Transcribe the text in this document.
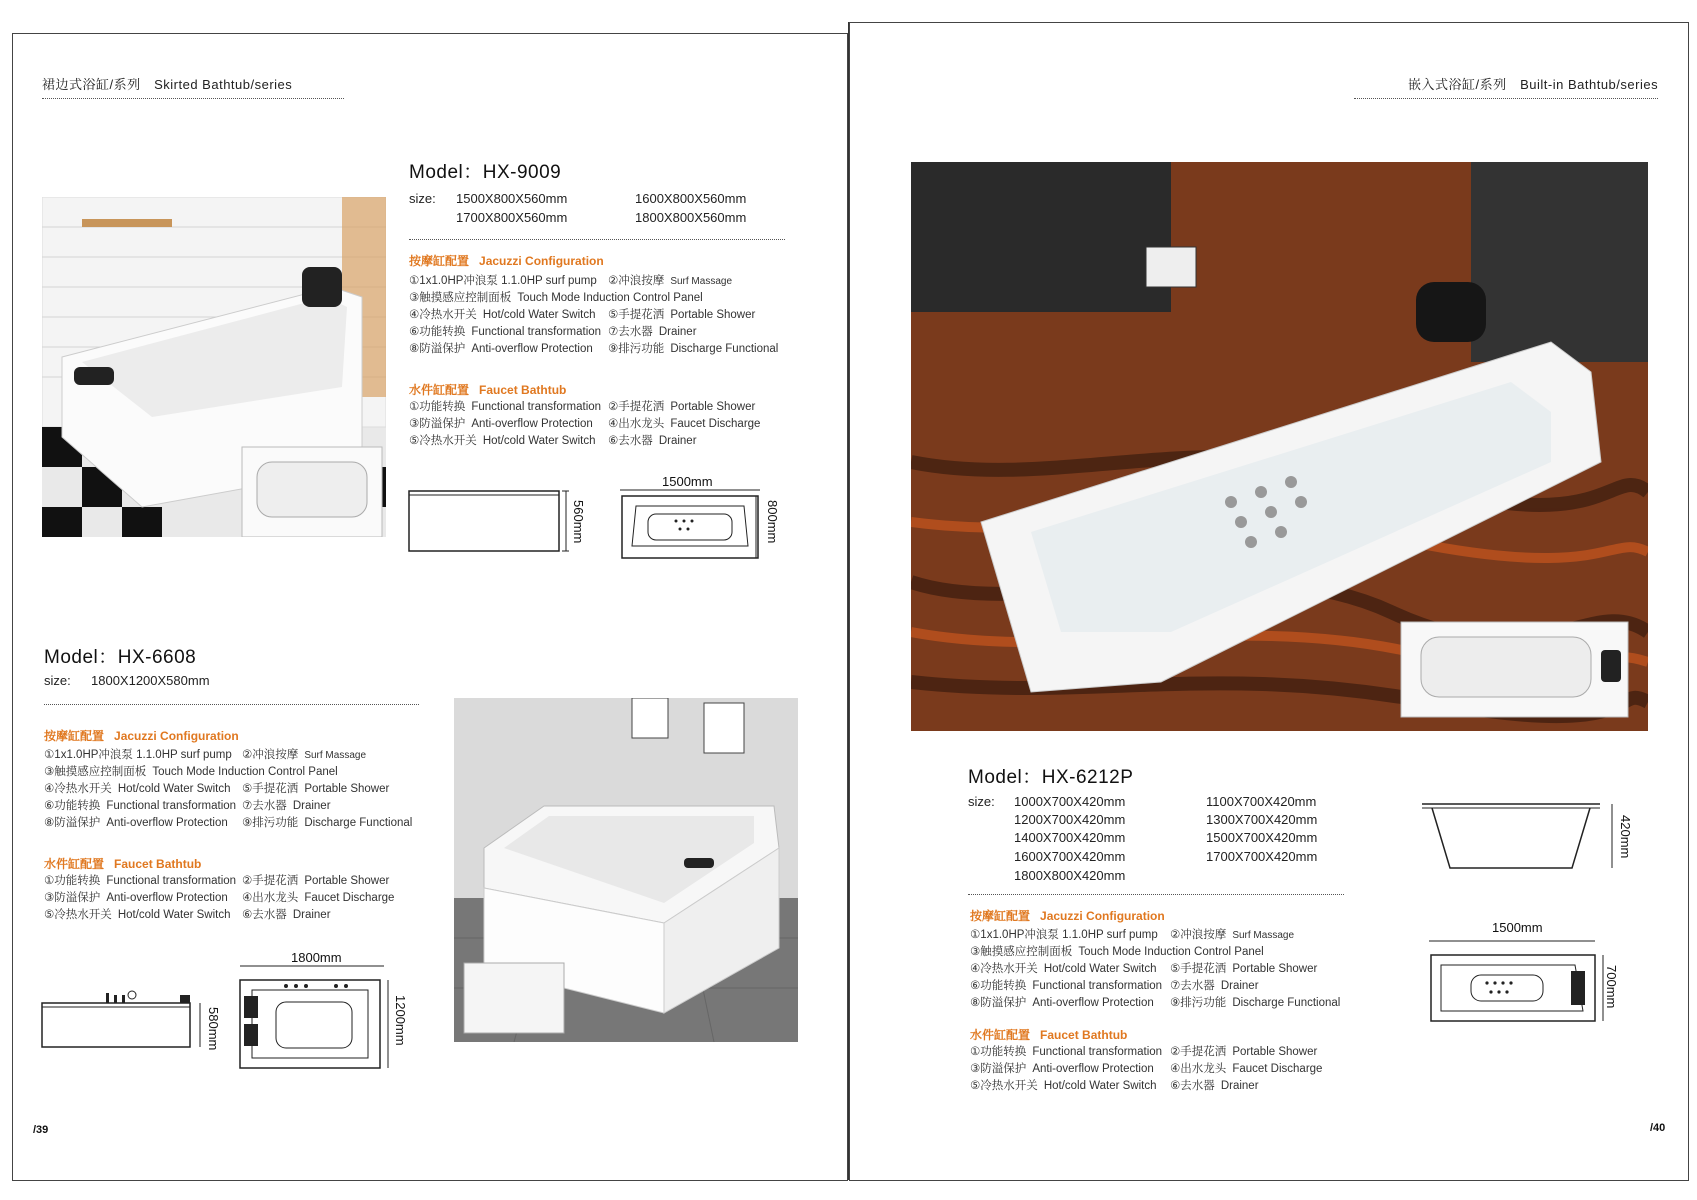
裙边式浴缸/系列　Skirted Bathtub/series
Model：HX-9009
size: 1500X800X560mm	1600X800X560mm
1700X800X560mm	1800X800X560mm
按摩缸配置 Jacuzzi Configuration
①1x1.0HP冲浪泵 1.1.0HP surf pump ②冲浪按摩 Surf Massage
③触摸感应控制面板 Touch Mode Induction Control Panel
④冷热水开关 Hot/cold Water Switch ⑤手提花洒 Portable Shower
⑥功能转换 Functional transformation ⑦去水器 Drainer
⑧防溢保护 Anti-overflow Protection ⑨排污功能 Discharge Functional
水件缸配置 Faucet Bathtub
①功能转换 Functional transformation ②手提花洒 Portable Shower
③防溢保护 Anti-overflow Protection ④出水龙头 Faucet Discharge
⑤冷热水开关 Hot/cold Water Switch ⑥去水器 Drainer
560mm
1500mm
800mm
Model：HX-6608
size: 1800X1200X580mm
按摩缸配置 Jacuzzi Configuration
①1x1.0HP冲浪泵 1.1.0HP surf pump ②冲浪按摩 Surf Massage
③触摸感应控制面板 Touch Mode Induction Control Panel
④冷热水开关 Hot/cold Water Switch ⑤手提花洒 Portable Shower
⑥功能转换 Functional transformation ⑦去水器 Drainer
⑧防溢保护 Anti-overflow Protection ⑨排污功能 Discharge Functional
水件缸配置 Faucet Bathtub
①功能转换 Functional transformation ②手提花洒 Portable Shower
③防溢保护 Anti-overflow Protection ④出水龙头 Faucet Discharge
⑤冷热水开关 Hot/cold Water Switch ⑥去水器 Drainer
580mm
1800mm
1200mm
/39
嵌入式浴缸/系列　Built-in Bathtub/series
Model：HX-6212P
size: 1000X700X420mm	1100X700X420mm
1200X700X420mm	1300X700X420mm
1400X700X420mm	1500X700X420mm
1600X700X420mm	1700X700X420mm
1800X800X420mm
按摩缸配置 Jacuzzi Configuration
①1x1.0HP冲浪泵 1.1.0HP surf pump ②冲浪按摩 Surf Massage
③触摸感应控制面板 Touch Mode Induction Control Panel
④冷热水开关 Hot/cold Water Switch ⑤手提花洒 Portable Shower
⑥功能转换 Functional transformation ⑦去水器 Drainer
⑧防溢保护 Anti-overflow Protection ⑨排污功能 Discharge Functional
水件缸配置 Faucet Bathtub
①功能转换 Functional transformation ②手提花洒 Portable Shower
③防溢保护 Anti-overflow Protection ④出水龙头 Faucet Discharge
⑤冷热水开关 Hot/cold Water Switch ⑥去水器 Drainer
420mm
1500mm
700mm
/40
